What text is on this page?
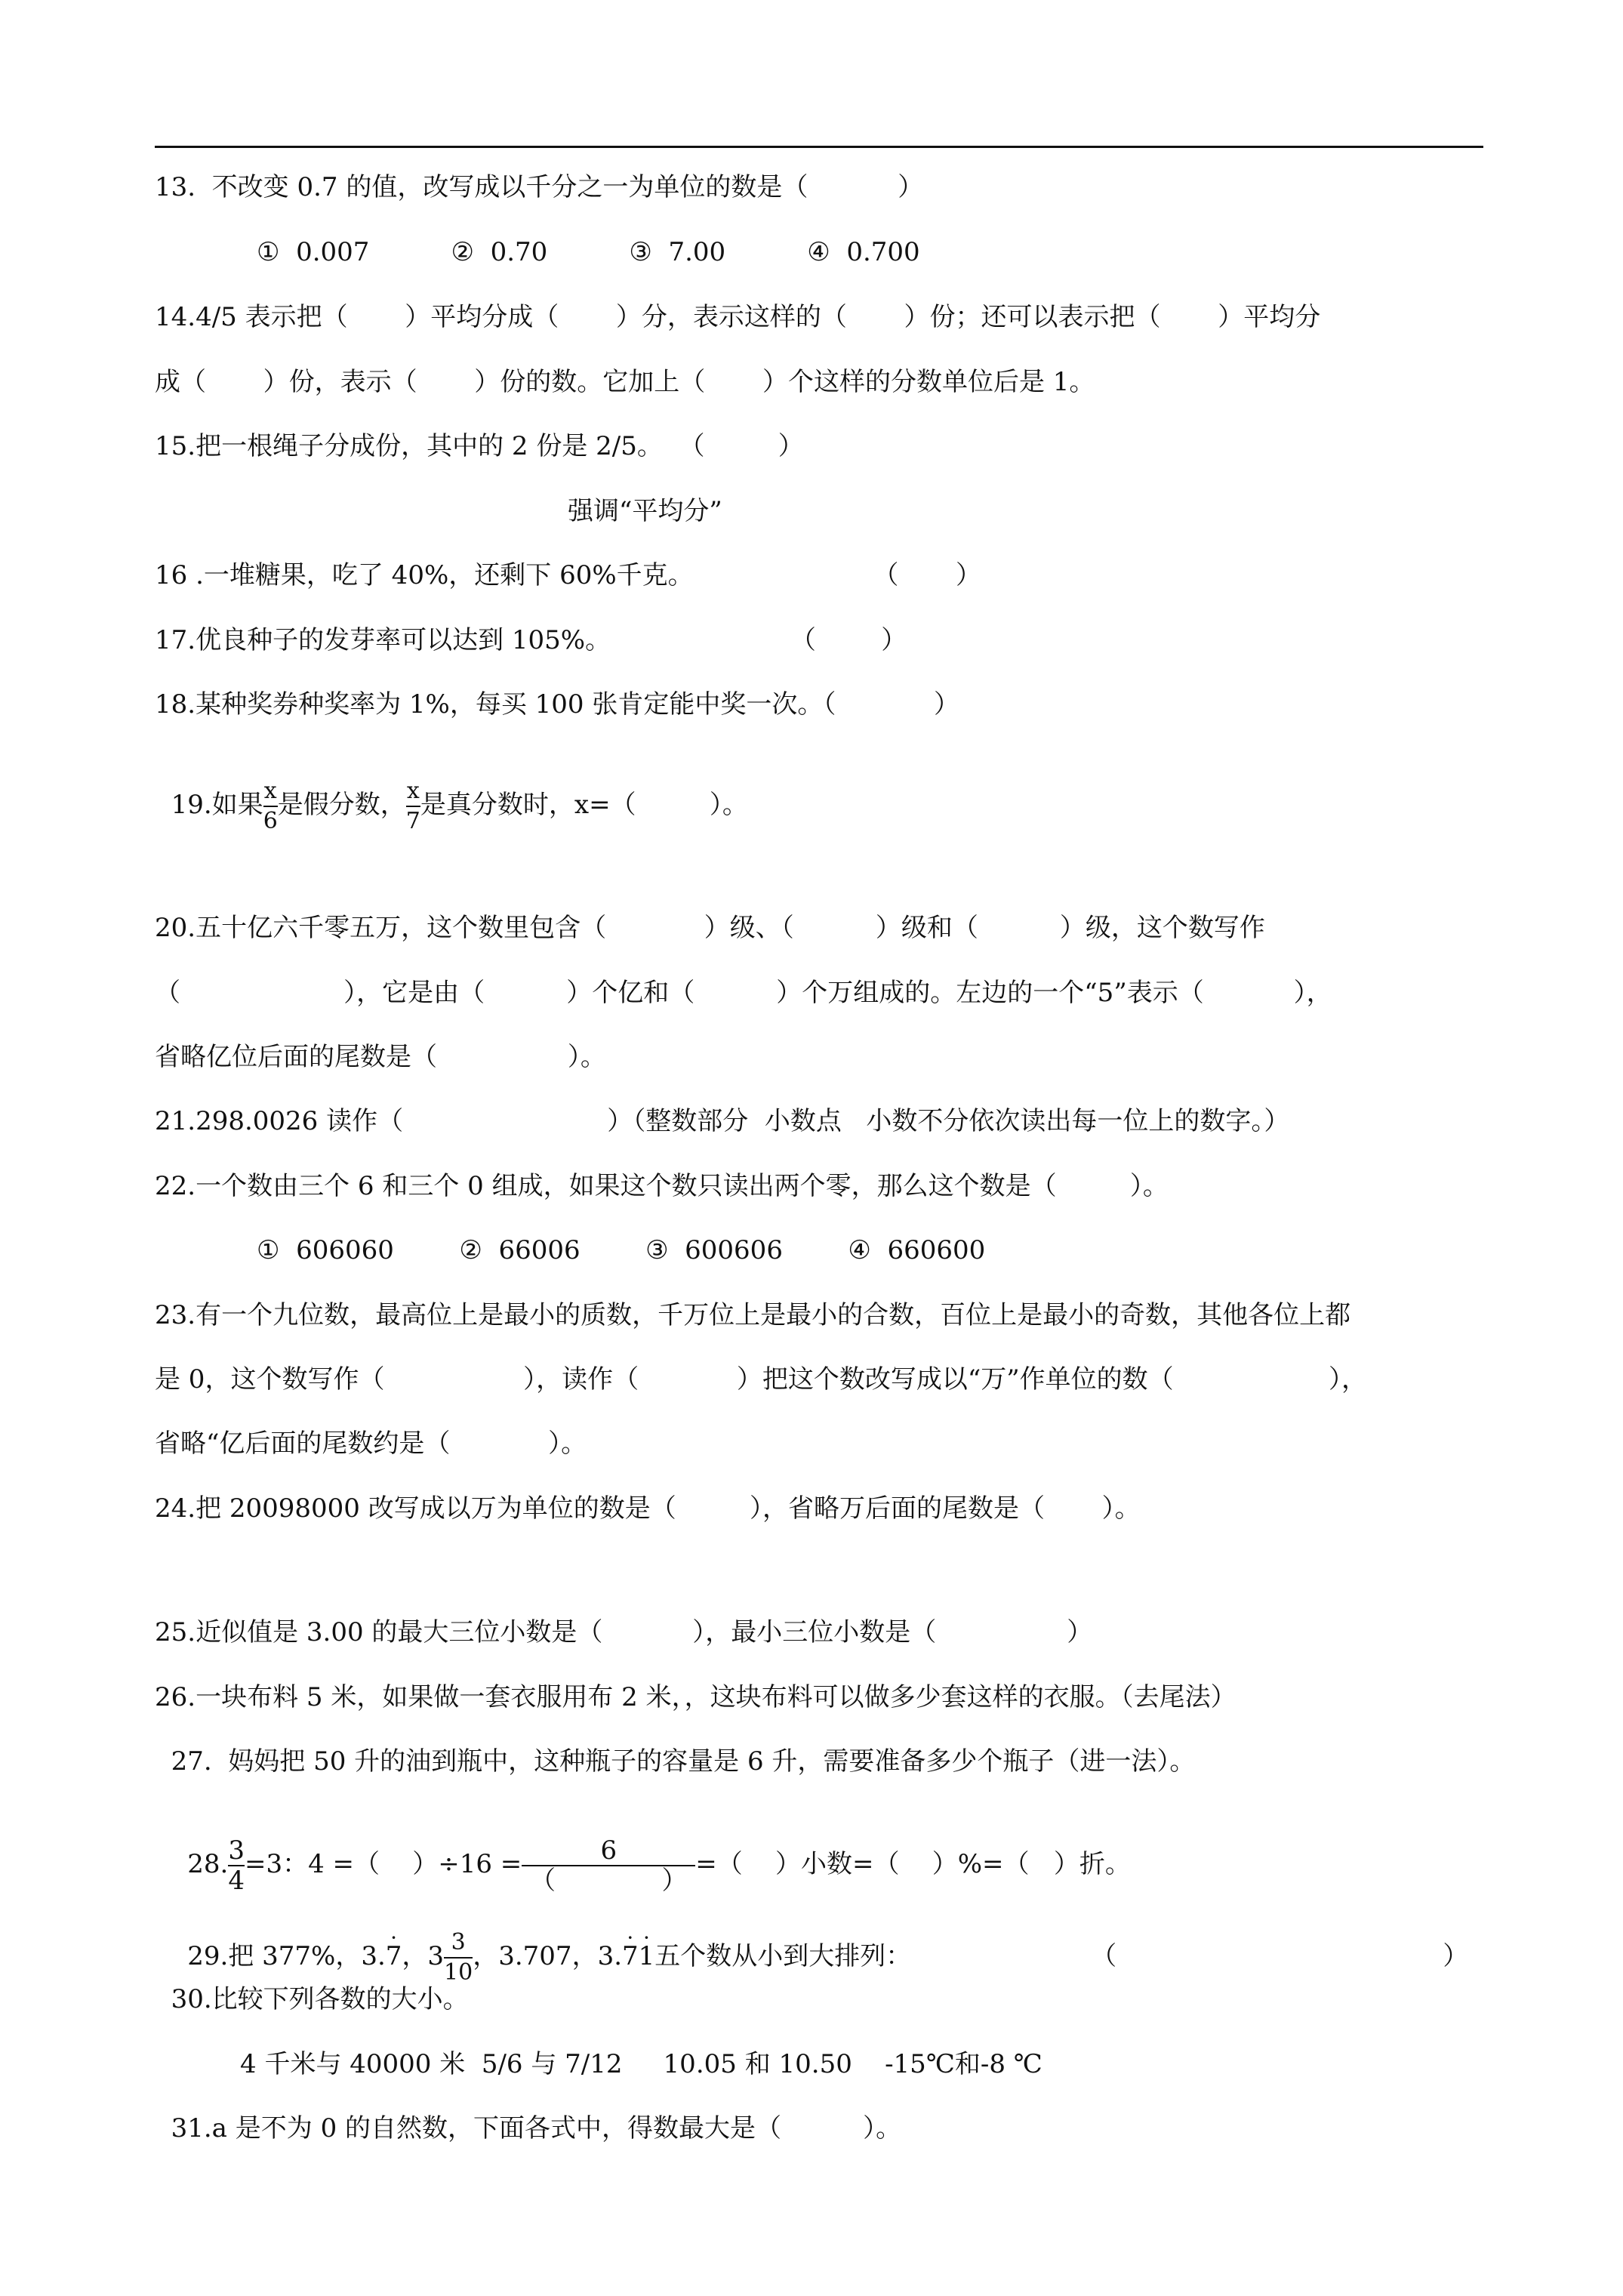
13.  不改变 0.7 的值，改写成以千分之一为单位的数是（           ）
①  0.007          ②  0.70          ③  7.00          ④  0.700
14.4/5 表示把（       ）平均分成（       ）分，表示这样的（       ）份；还可以表示把（       ）平均分
成（       ）份，表示（       ）份的数。它加上（       ）个这样的分数单位后是 1。
15.把一根绳子分成份，其中的 2 份是 2/5。  （         ）
强调“平均分”
16 .一堆糖果，吃了 40%，还剩下 60%千克。                      （       ）
17.优良种子的发芽率可以达到 105%。                      （        ）
18.某种奖券种奖率为 1%，每买 100 张肯定能中奖一次。（            ）

19.如果 $\frac{x}{6}$ 是假分数， $\frac{x}{7}$ 是真分数时，x=（         ）。

20.五十亿六千零五万，这个数里包含（            ）级、（          ）级和（          ）级，这个数写作
（                    ），它是由（          ）个亿和（          ）个万组成的。左边的一个“5”表示（           ），
省略亿位后面的尾数是（                ）。
21.298.0026 读作（                         ）（整数部分  小数点   小数不分依次读出每一位上的数字。）
22.一个数由三个 6 和三个 0 组成，如果这个数只读出两个零，那么这个数是（         ）。
①  606060        ②  66006        ③  600606        ④  660600
23.有一个九位数，最高位上是最小的质数，千万位上是最小的合数，百位上是最小的奇数，其他各位上都
是 0，这个数写作（                 ），读作（            ）把这个数改写成以“万”作单位的数（                   ），
省略“亿后面的尾数约是（            ）。
24.把 20098000 改写成以万为单位的数是（         ），省略万后面的尾数是（       ）。
25.近似值是 3.00 的最大三位小数是（           ），最小三位小数是（                ）
26.一块布料 5 米，如果做一套衣服用布 2 米，，这块布料可以做多少套这样的衣服。（去尾法）
27.  妈妈把 50 升的油到瓶中，这种瓶子的容量是 6 升，需要准备多少个瓶子（进一法）。

28. $\frac{3}{4} =3$：4 =（    ）$\div 16 = \frac{6}{( )}$ =（    ）小数=（    ）%=（   ）折。

29.把 377%，3.· 7，$3 \frac{3}{10}$ ，3.707，3.· 7· 1五个数从小到大排列：                      （                                        ）

30.比较下列各数的大小。
4 千米与 40000 米  5/6 与 7/12     10.05 和 10.50    -15℃和-8 ℃
31.a 是不为 0 的自然数，下面各式中，得数最大是（          ）。
